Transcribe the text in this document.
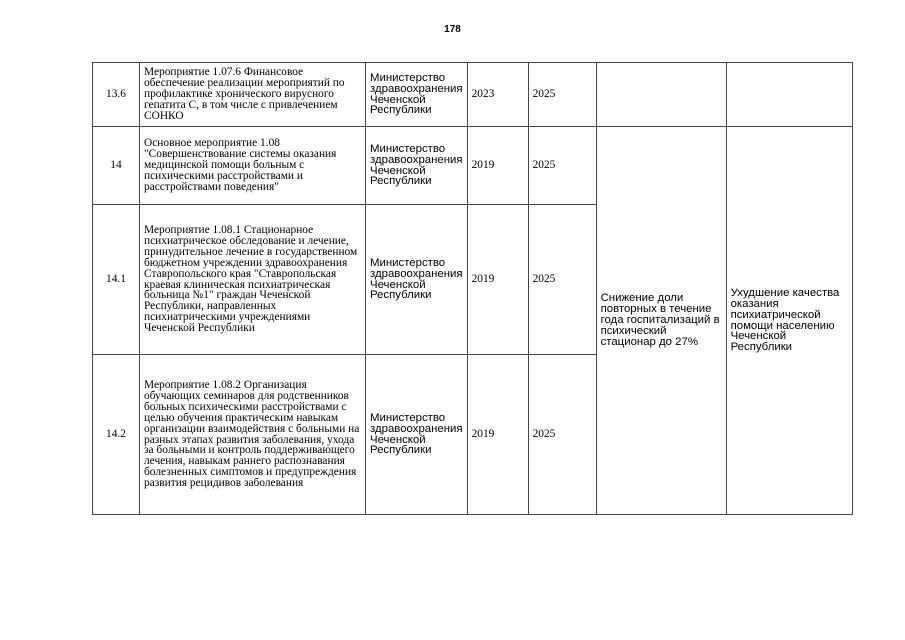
178
13.6	Мероприятие 1.07.6 Финансовое обеспечение реализации мероприятий по профилактике хронического вирусного гепатита С, в том числе с привлечением СОНКО	Министерство здравоохранения Чеченской Республики	2023	2025		
14	Основное мероприятие 1.08 "Совершенствование системы оказания медицинской помощи больным с психическими расстройствами и расстройствами поведения"	Министерство здравоохранения Чеченской Республики	2019	2025	Снижение доли повторных в течение года госпитализаций в психический стационар до 27%	Ухудшение качества оказания психиатрической помощи населению Чеченской Республики
14.1	Мероприятие 1.08.1 Стационарное психиатрическое обследование и лечение, принудительное лечение в государственном бюджетном учреждении здравоохранения Ставропольского края "Ставропольская краевая клиническая психиатрическая больница №1" граждан Чеченской Республики, направленных психиатрическими учреждениями Чеченской Республики	Министерство здравоохранения Чеченской Республики	2019	2025		
14.2	Мероприятие 1.08.2 Организация обучающих семинаров для родственников больных психическими расстройствами с целью обучения практическим навыкам организации взаимодействия с больными на разных этапах развития заболевания, ухода за больными и контроль поддерживающего лечения, навыкам раннего распознавания болезненных симптомов и предупреждения развития рецидивов заболевания	Министерство здравоохранения Чеченской Республики	2019	2025		
